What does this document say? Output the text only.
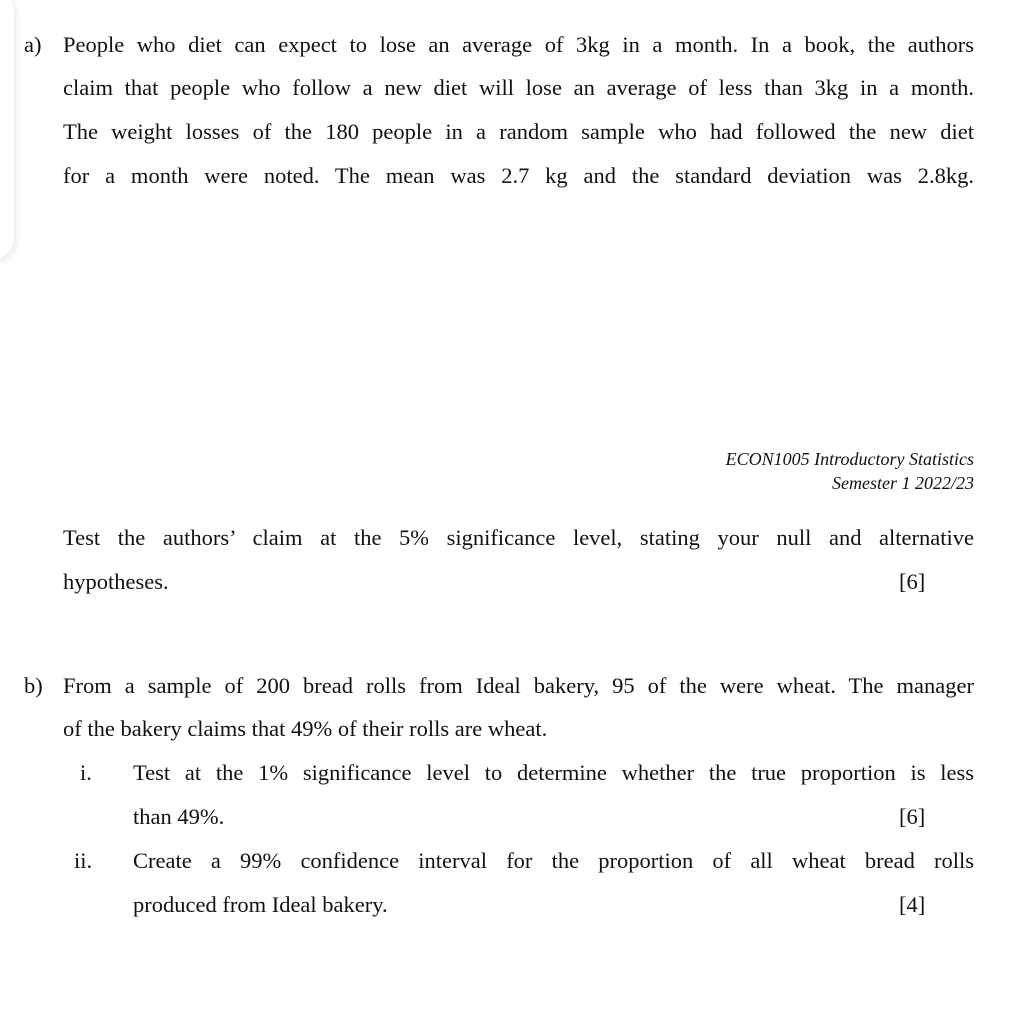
a) People who diet can expect to lose an average of 3kg in a month. In a book, the authors
claim that people who follow a new diet will lose an average of less than 3kg in a month.
The weight losses of the 180 people in a random sample who had followed the new diet
for a month were noted. The mean was 2.7 kg and the standard deviation was 2.8kg.
ECON1005 Introductory Statistics
Semester 1 2022/23
Test the authors’ claim at the 5% significance level, stating your null and alternative
hypotheses.	[6]
b) From a sample of 200 bread rolls from Ideal bakery, 95 of the were wheat. The manager
of the bakery claims that 49% of their rolls are wheat.
i. Test at the 1% significance level to determine whether the true proportion is less
than 49%.	[6]
ii. Create a 99% confidence interval for the proportion of all wheat bread rolls
produced from Ideal bakery.	[4]
